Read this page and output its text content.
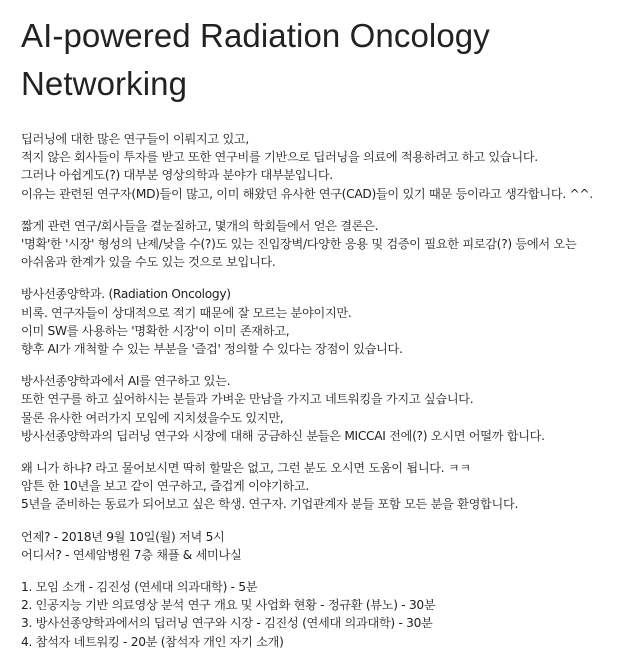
AI-powered Radiation Oncology
Networking

딥러닝에 대한 많은 연구들이 이뤄지고 있고,
적지 않은 회사들이 투자를 받고 또한 연구비를 기반으로 딥러닝을 의료에 적용하려고 하고 있습니다.
그러나 아쉽게도(?) 대부분 영상의학과 분야가 대부분입니다.
이유는 관련된 연구자(MD)들이 많고, 이미 해왔던 유사한 연구(CAD)들이 있기 때문 등이라고 생각합니다. ^^.

짧게 관련 연구/회사들을 곁눈질하고, 몇개의 학회들에서 얻은 결론은.
'명확'한 '시장' 형성의 난제/낮을 수(?)도 있는 진입장벽/다양한 응용 및 검증이 필요한 피로감(?) 등에서 오는
아쉬움과 한계가 있을 수도 있는 것으로 보입니다.

방사선종양학과. (Radiation Oncology)
비록. 연구자들이 상대적으로 적기 때문에 잘 모르는 분야이지만.
이미 SW를 사용하는 '명확한 시장'이 이미 존재하고,
향후 AI가 개척할 수 있는 부분을 '즐겁' 정의할 수 있다는 장점이 있습니다.

방사선종양학과에서 AI를 연구하고 있는.
또한 연구를 하고 싶어하시는 분들과 가벼운 만남을 가지고 네트워킹을 가지고 싶습니다.
물론 유사한 여러가지 모임에 지치셨을수도 있지만,
방사선종양학과의 딥러닝 연구와 시장에 대해 궁금하신 분들은 MICCAI 전에(?) 오시면 어떨까 합니다.

왜 니가 하냐? 라고 물어보시면 딱히 할말은 없고, 그런 분도 오시면 도움이 됩니다. ㅋㅋ
암튼 한 10년을 보고 같이 연구하고, 즐겁게 이야기하고.
5년을 준비하는 동료가 되어보고 싶은 학생. 연구자. 기업관계자 분들 포함 모든 분을 환영합니다.

언제? - 2018년 9월 10일(월) 저녁 5시
어디서? - 연세암병원 7층 채플 & 세미나실

1. 모임 소개 - 김진성 (연세대 의과대학) - 5분
2. 인공지능 기반 의료영상 분석 연구 개요 및 사업화 현황 - 정규환 (뷰노) - 30분
3. 방사선종양학과에서의 딥러닝 연구와 시장 - 김진성 (연세대 의과대학) - 30분
4. 참석자 네트워킹 - 20분 (참석자 개인 자기 소개)
